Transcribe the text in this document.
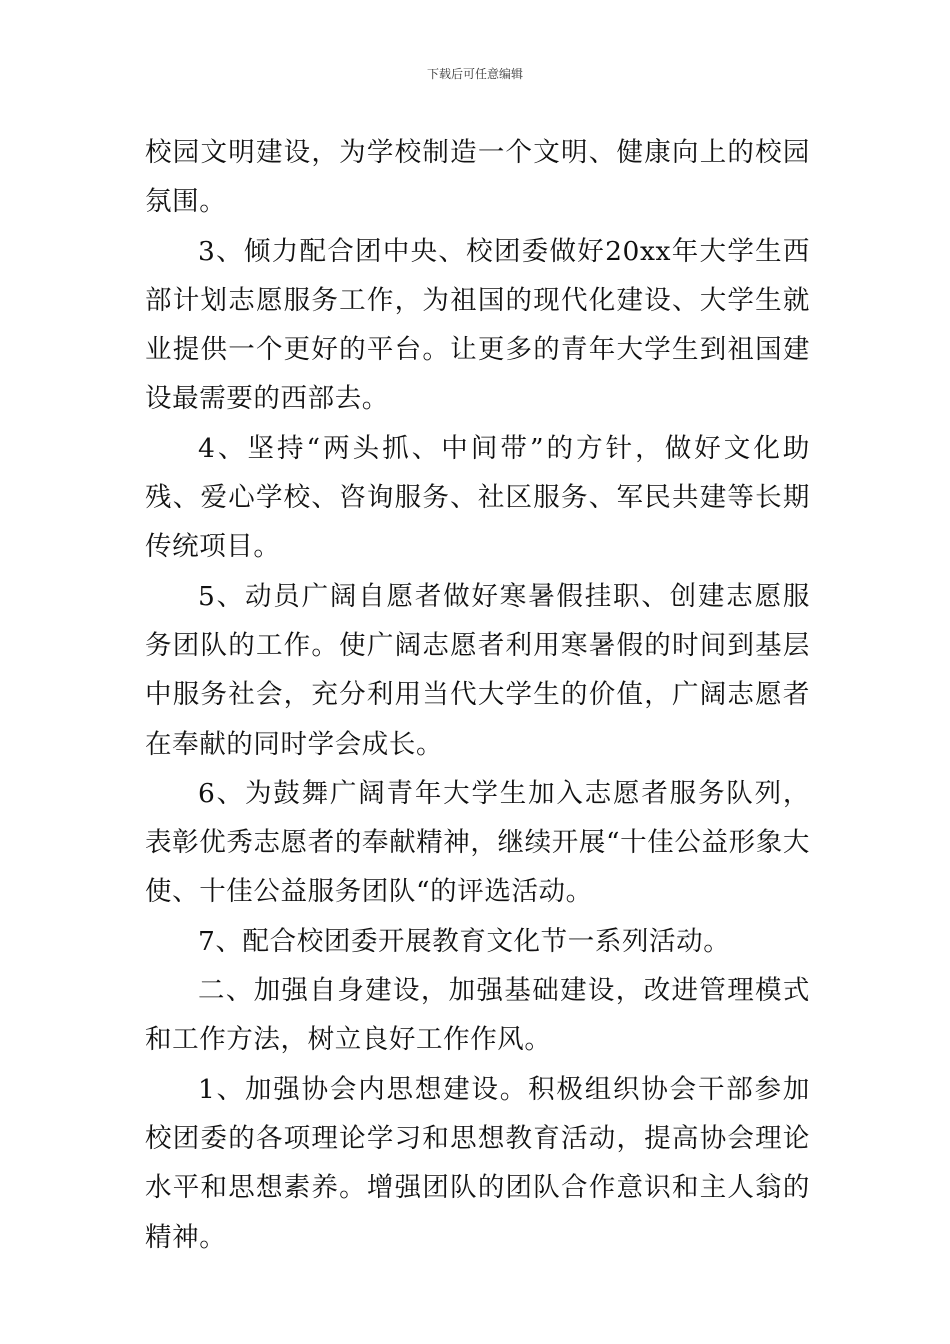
下载后可任意编辑

校园文明建设，为学校制造一个文明、健康向上的校园氛围。

3、倾力配合团中央、校团委做好20xx年大学生西部计划志愿服务工作，为祖国的现代化建设、大学生就业提供一个更好的平台。让更多的青年大学生到祖国建设最需要的西部去。

4、坚持“两头抓、中间带”的方针，做好文化助残、爱心学校、咨询服务、社区服务、军民共建等长期传统项目。

5、动员广阔自愿者做好寒暑假挂职、创建志愿服务团队的工作。使广阔志愿者利用寒暑假的时间到基层中服务社会，充分利用当代大学生的价值，广阔志愿者在奉献的同时学会成长。

6、为鼓舞广阔青年大学生加入志愿者服务队列，表彰优秀志愿者的奉献精神，继续开展“十佳公益形象大使、十佳公益服务团队“的评选活动。

7、配合校团委开展教育文化节一系列活动。

二、加强自身建设，加强基础建设，改进管理模式和工作方法，树立良好工作作风。

1、加强协会内思想建设。积极组织协会干部参加校团委的各项理论学习和思想教育活动，提高协会理论水平和思想素养。增强团队的团队合作意识和主人翁的精神。
